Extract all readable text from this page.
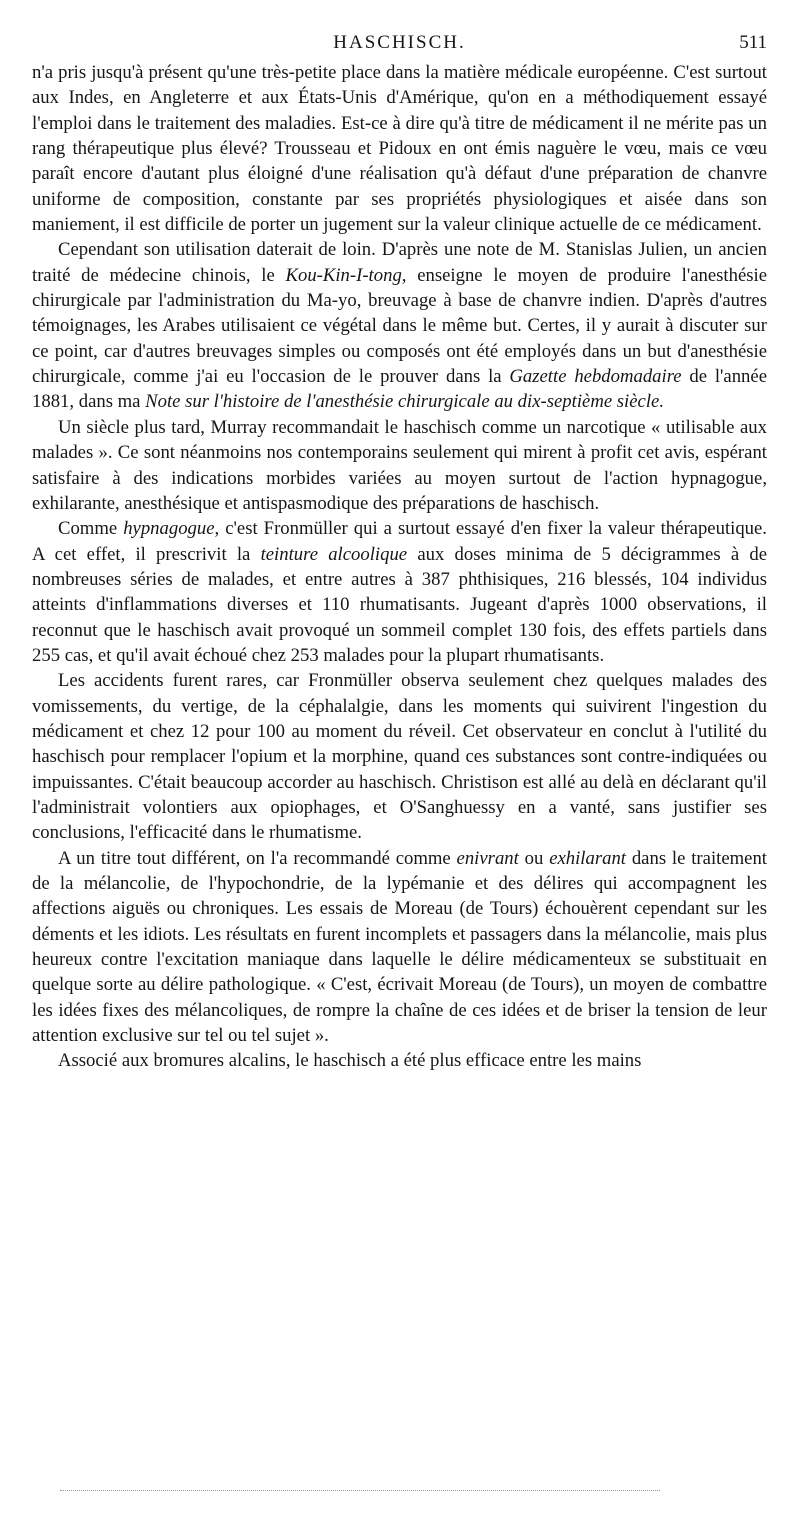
HASCHISCH.	511

n'a pris jusqu'à présent qu'une très-petite place dans la matière médicale européenne. C'est surtout aux Indes, en Angleterre et aux États-Unis d'Amérique, qu'on en a méthodiquement essayé l'emploi dans le traitement des maladies. Est-ce à dire qu'à titre de médicament il ne mérite pas un rang thérapeutique plus élevé? Trousseau et Pidoux en ont émis naguère le vœu, mais ce vœu paraît encore d'autant plus éloigné d'une réalisation qu'à défaut d'une préparation de chanvre uniforme de composition, constante par ses propriétés physiologiques et aisée dans son maniement, il est difficile de porter un jugement sur la valeur clinique actuelle de ce médicament.

Cependant son utilisation daterait de loin. D'après une note de M. Stanislas Julien, un ancien traité de médecine chinois, le Kou-Kin-I-tong, enseigne le moyen de produire l'anesthésie chirurgicale par l'administration du Ma-yo, breuvage à base de chanvre indien. D'après d'autres témoignages, les Arabes utilisaient ce végétal dans le même but. Certes, il y aurait à discuter sur ce point, car d'autres breuvages simples ou composés ont été employés dans un but d'anesthésie chirurgicale, comme j'ai eu l'occasion de le prouver dans la Gazette hebdomadaire de l'année 1881, dans ma Note sur l'histoire de l'anesthésie chirurgicale au dix-septième siècle.

Un siècle plus tard, Murray recommandait le haschisch comme un narcotique « utilisable aux malades ». Ce sont néanmoins nos contemporains seulement qui mirent à profit cet avis, espérant satisfaire à des indications morbides variées au moyen surtout de l'action hypnagogue, exhilarante, anesthésique et antispasmodique des préparations de haschisch.

Comme hypnagogue, c'est Fronmüller qui a surtout essayé d'en fixer la valeur thérapeutique. A cet effet, il prescrivit la teinture alcoolique aux doses minima de 5 décigrammes à de nombreuses séries de malades, et entre autres à 387 phthisiques, 216 blessés, 104 individus atteints d'inflammations diverses et 110 rhumatisants. Jugeant d'après 1000 observations, il reconnut que le haschisch avait provoqué un sommeil complet 130 fois, des effets partiels dans 255 cas, et qu'il avait échoué chez 253 malades pour la plupart rhumatisants.

Les accidents furent rares, car Fronmüller observa seulement chez quelques malades des vomissements, du vertige, de la céphalalgie, dans les moments qui suivirent l'ingestion du médicament et chez 12 pour 100 au moment du réveil. Cet observateur en conclut à l'utilité du haschisch pour remplacer l'opium et la morphine, quand ces substances sont contre-indiquées ou impuissantes. C'était beaucoup accorder au haschisch. Christison est allé au delà en déclarant qu'il l'administrait volontiers aux opiophages, et O'Sanghuessy en a vanté, sans justifier ses conclusions, l'efficacité dans le rhumatisme.

A un titre tout différent, on l'a recommandé comme enivrant ou exhilarant dans le traitement de la mélancolie, de l'hypochondrie, de la lypémanie et des délires qui accompagnent les affections aiguës ou chroniques. Les essais de Moreau (de Tours) échouèrent cependant sur les déments et les idiots. Les résultats en furent incomplets et passagers dans la mélancolie, mais plus heureux contre l'excitation maniaque dans laquelle le délire médicamenteux se substituait en quelque sorte au délire pathologique. « C'est, écrivait Moreau (de Tours), un moyen de combattre les idées fixes des mélancoliques, de rompre la chaîne de ces idées et de briser la tension de leur attention exclusive sur tel ou tel sujet ».

Associé aux bromures alcalins, le haschisch a été plus efficace entre les mains
